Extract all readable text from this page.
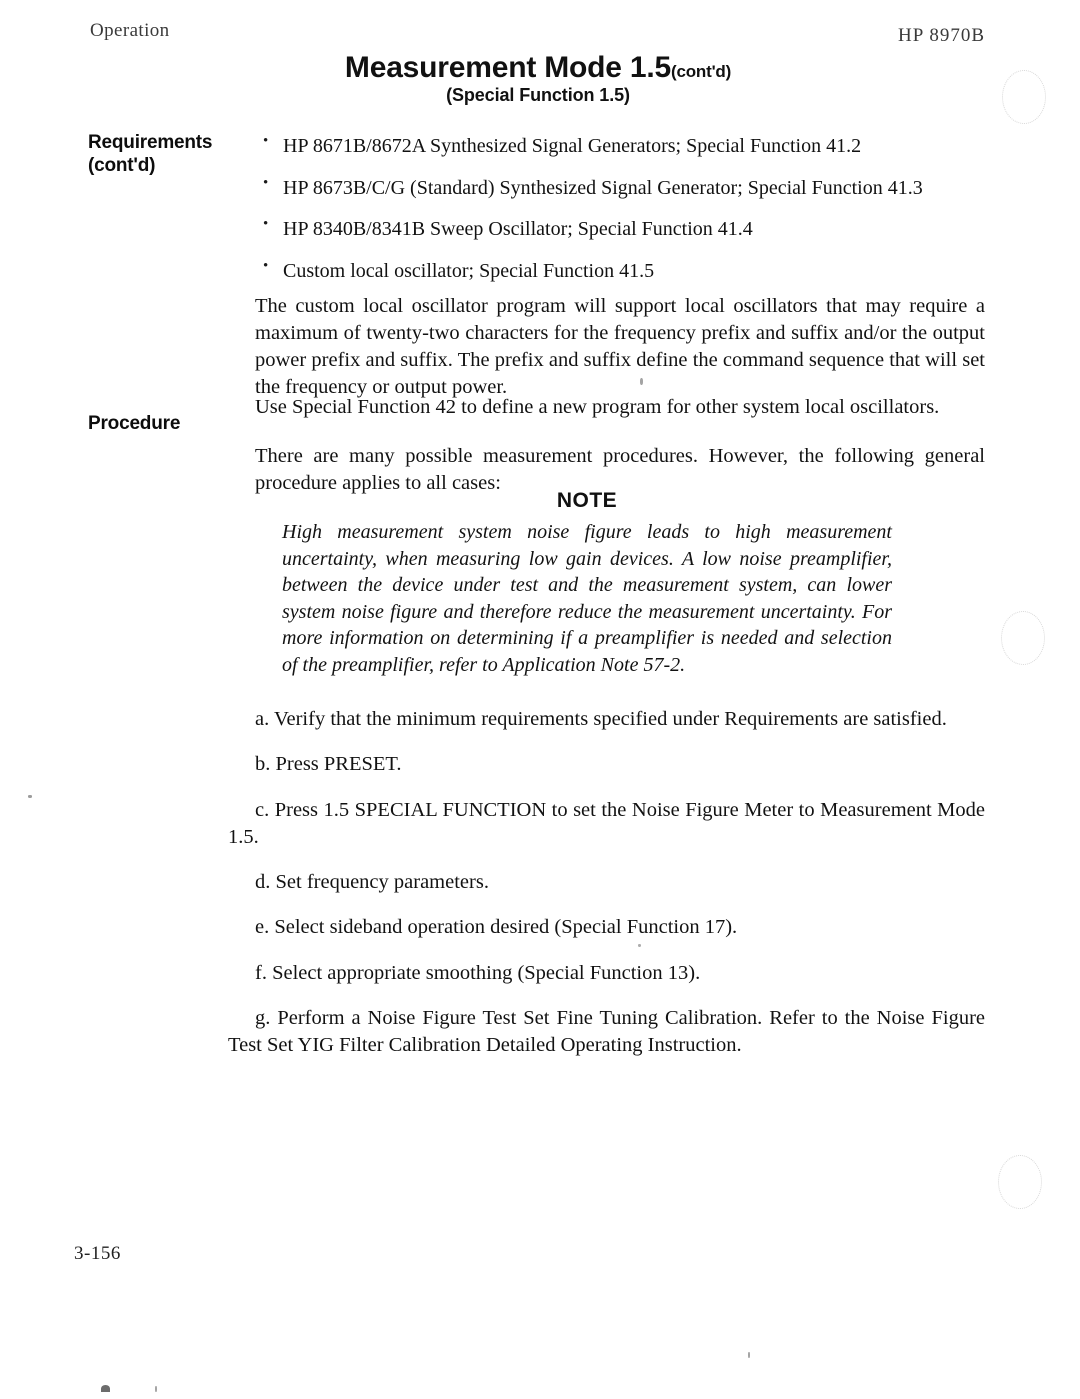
Operation	HP 8970B
Measurement Mode 1.5(cont'd)
(Special Function 1.5)
Requirements
(cont'd)
• HP 8671B/8672A Synthesized Signal Generators; Special Function 41.2
• HP 8673B/C/G (Standard) Synthesized Signal Generator; Special Function 41.3
• HP 8340B/8341B Sweep Oscillator; Special Function 41.4
• Custom local oscillator; Special Function 41.5

The custom local oscillator program will support local oscillators that may require a maximum of twenty-two characters for the frequency prefix and suffix and/or the output power prefix and suffix. The prefix and suffix define the command sequence that will set the frequency or output power.

Use Special Function 42 to define a new program for other system local oscillators.

Procedure

There are many possible measurement procedures. However, the following general procedure applies to all cases:

NOTE
High measurement system noise figure leads to high measurement uncertainty, when measuring low gain devices. A low noise preamplifier, between the device under test and the measurement system, can lower system noise figure and therefore reduce the measurement uncertainty. For more information on determining if a preamplifier is needed and selection of the preamplifier, refer to Application Note 57-2.
a. Verify that the minimum requirements specified under Requirements are satisfied.
b. Press PRESET.
c. Press 1.5 SPECIAL FUNCTION to set the Noise Figure Meter to Measurement Mode 1.5.
d. Set frequency parameters.
e. Select sideband operation desired (Special Function 17).
f. Select appropriate smoothing (Special Function 13).
g. Perform a Noise Figure Test Set Fine Tuning Calibration. Refer to the Noise Figure Test Set YIG Filter Calibration Detailed Operating Instruction.
3-156
